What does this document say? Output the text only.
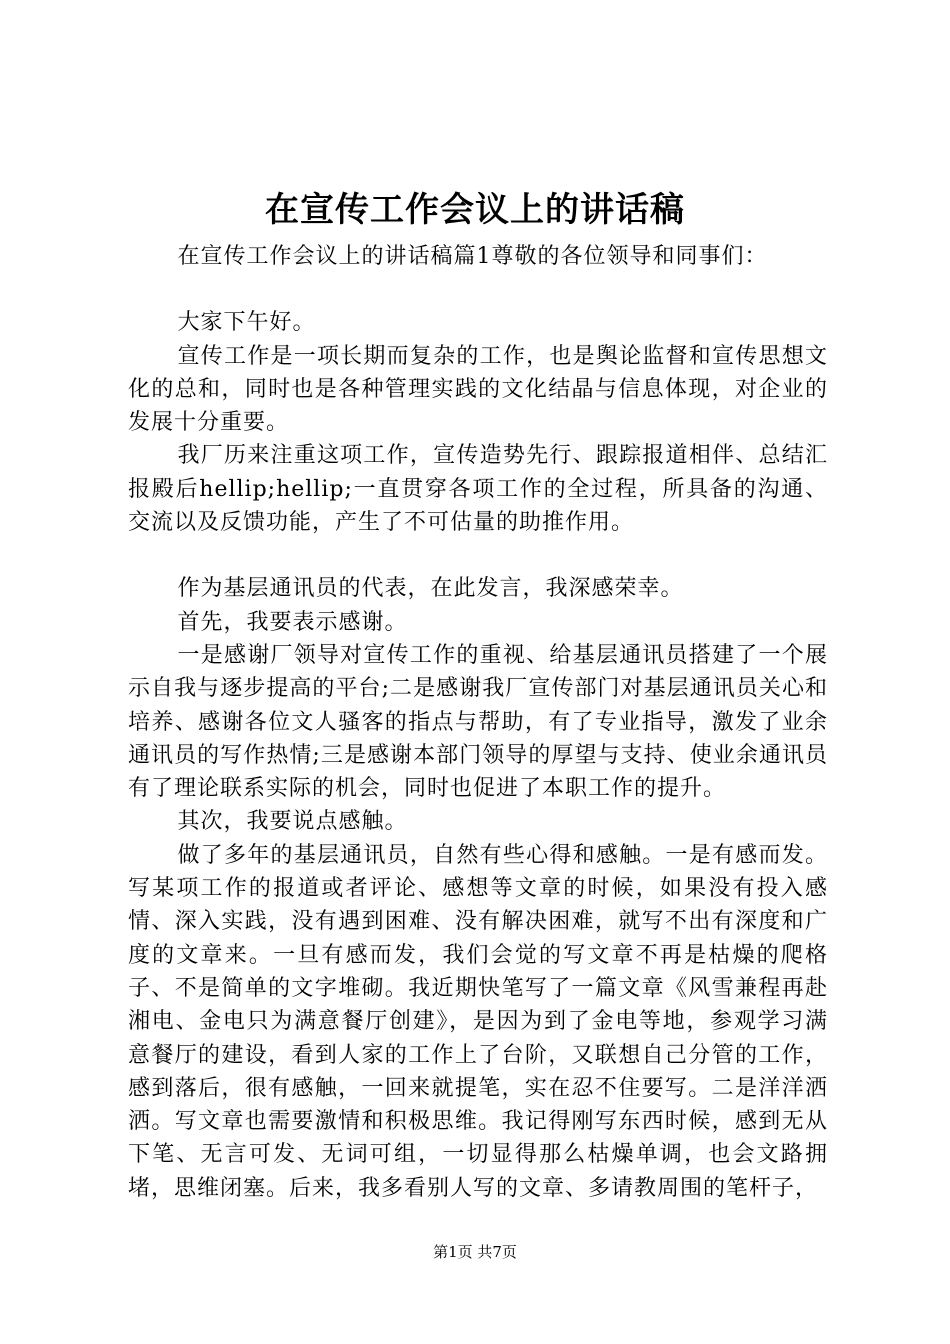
在宣传工作会议上的讲话稿

在宣传工作会议上的讲话稿篇1尊敬的各位领导和同事们：

大家下午好。

宣传工作是一项长期而复杂的工作，也是舆论监督和宣传思想文化的总和，同时也是各种管理实践的文化结晶与信息体现，对企业的发展十分重要。

我厂历来注重这项工作，宣传造势先行、跟踪报道相伴、总结汇报殿后hellip;hellip;一直贯穿各项工作的全过程，所具备的沟通、交流以及反馈功能，产生了不可估量的助推作用。

作为基层通讯员的代表，在此发言，我深感荣幸。

首先，我要表示感谢。

一是感谢厂领导对宣传工作的重视、给基层通讯员搭建了一个展示自我与逐步提高的平台;二是感谢我厂宣传部门对基层通讯员关心和培养、感谢各位文人骚客的指点与帮助，有了专业指导，激发了业余通讯员的写作热情;三是感谢本部门领导的厚望与支持、使业余通讯员有了理论联系实际的机会，同时也促进了本职工作的提升。

其次，我要说点感触。

做了多年的基层通讯员，自然有些心得和感触。一是有感而发。写某项工作的报道或者评论、感想等文章的时候，如果没有投入感情、深入实践，没有遇到困难、没有解决困难，就写不出有深度和广度的文章来。一旦有感而发，我们会觉的写文章不再是枯燥的爬格子、不是简单的文字堆砌。我近期快笔写了一篇文章《风雪兼程再赴湘电、金电只为满意餐厅创建》，是因为到了金电等地，参观学习满意餐厅的建设，看到人家的工作上了台阶，又联想自己分管的工作，感到落后，很有感触，一回来就提笔，实在忍不住要写。二是洋洋洒洒。写文章也需要激情和积极思维。我记得刚写东西时候，感到无从下笔、无言可发、无词可组，一切显得那么枯燥单调，也会文路拥堵，思维闭塞。后来，我多看别人写的文章、多请教周围的笔杆子，

第1页 共7页
